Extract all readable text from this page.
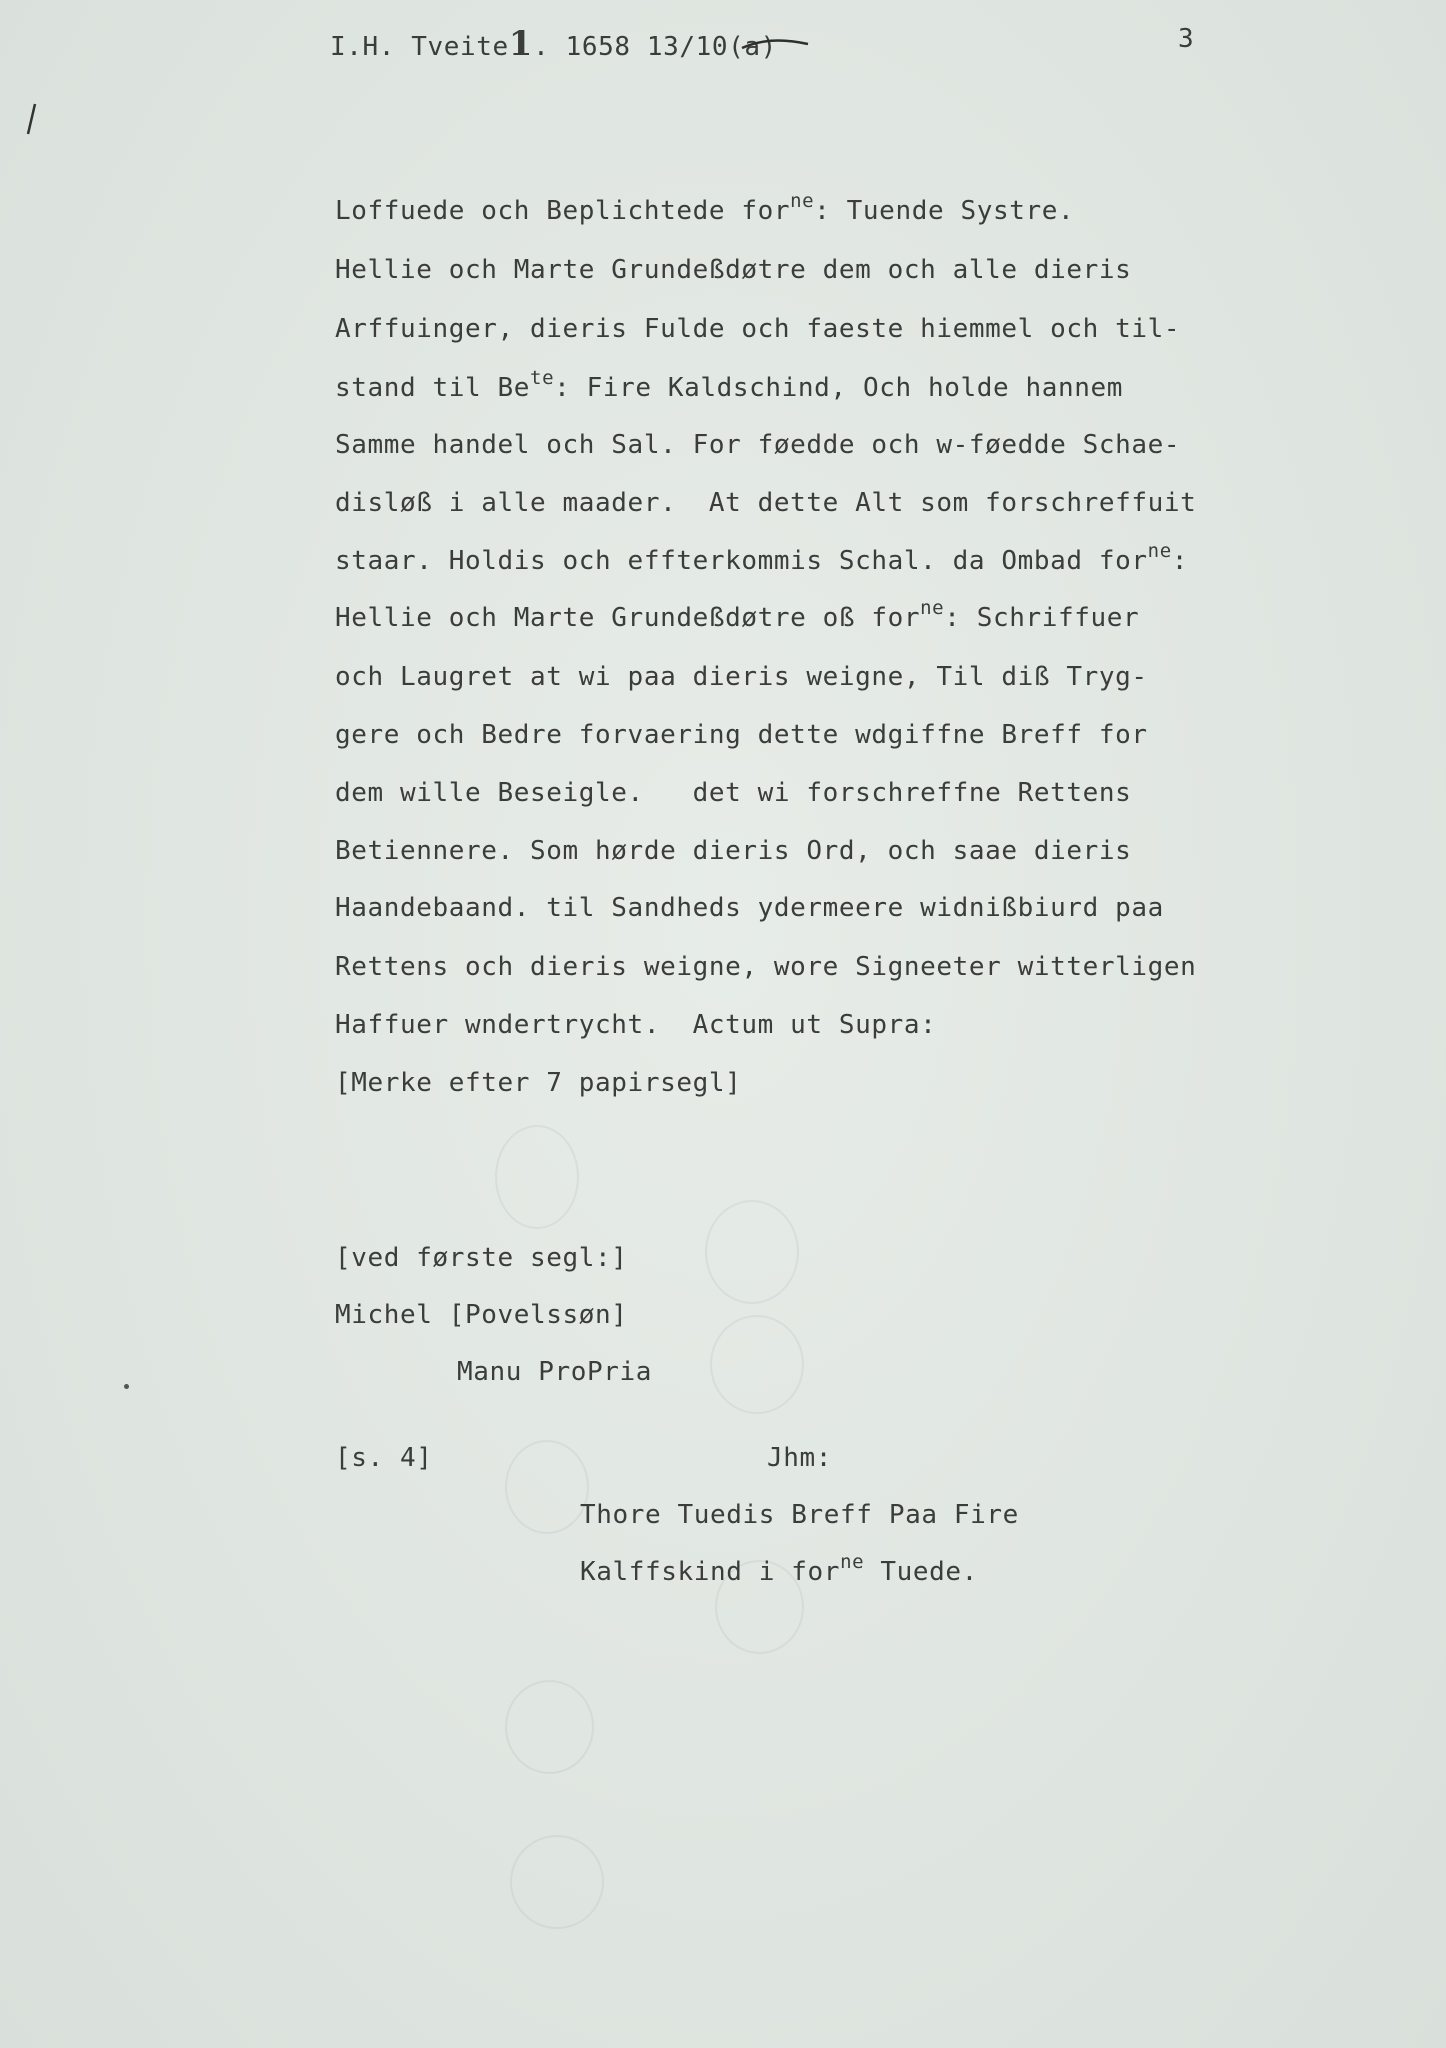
I.H. Tveite1. 1658 13/10(a)	3
Loffuede och Beplichtede for$^{ne}$: Tuende Systre.
Hellie och Marte Grundeßdøtre dem och alle dieris
Arffuinger, dieris Fulde och faeste hiemmel och til-
stand til $Be^{te}$: Fire Kaldschind, Och holde hannem
Samme handel och Sal. For føedde och w-føedde Schae-
disløß i alle maader.  At dette Alt som forschreffuit
staar. Holdis och effterkommis Schal. da Ombad for$^{ne}$:
Hellie och Marte Grundeßdøtre oß for$^{ne}$: Schriffuer
och Laugret at wi paa dieris weigne, Til diß Tryg-
gere och Bedre forvaering dette wdgiffne Breff for
dem wille Beseigle.   det wi forschreffne Rettens
Betiennere. Som hørde dieris Ord, och saae dieris
Haandebaand. til Sandheds ydermeere widnißbiurd paa
Rettens och dieris weigne, wore Signeeter witterligen
Haffuer wndertrycht.  Actum ut Supra:
[Merke efter 7 papirsegl]
[ved første segl:]
Michel [Povelssøn]
Manu ProPria
[s. 4]	Jhm:
Thore Tuedis Breff Paa Fire
Kalffskind i for$^{ne}$ Tuede.
